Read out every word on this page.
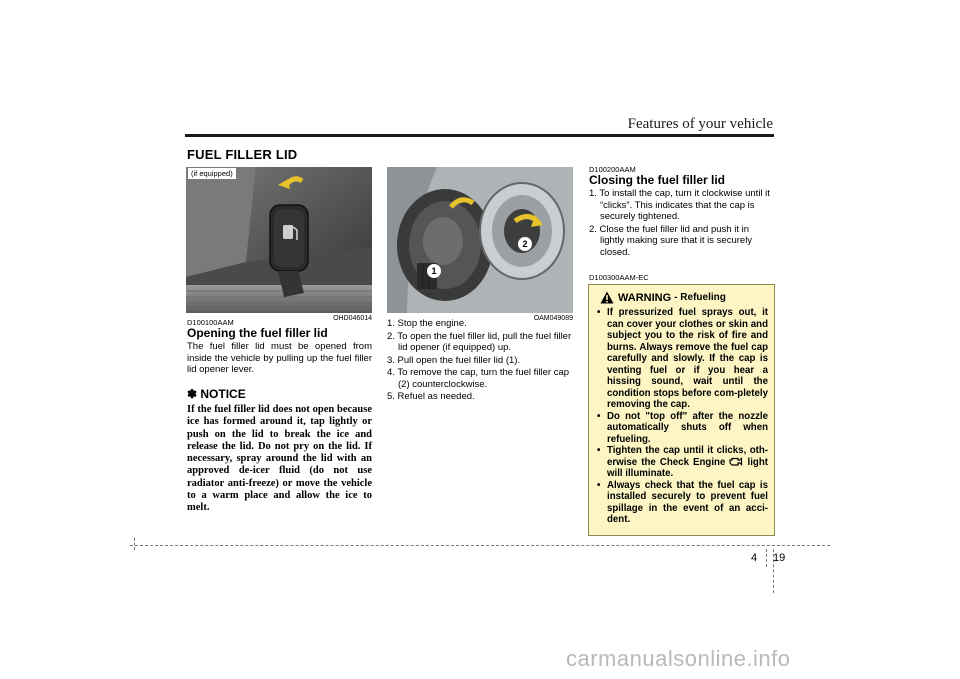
Features of your vehicle
FUEL FILLER LID
(if equipped)
OHD046014
1
2
OAM049089
D100100AAM
Opening the fuel filler lid
The fuel filler lid must be opened from inside the vehicle by pulling up the fuel filler lid opener lever.
✽ NOTICE
If the fuel filler lid does not open because ice has formed around it, tap lightly or push on the lid to break the ice and release the lid. Do not pry on the lid. If necessary, spray around the lid with an approved de-icer fluid (do not use radiator anti-freeze) or move the vehicle to a warm place and allow the ice to melt.
1. Stop the engine.
2. To open the fuel filler lid, pull the fuel filler lid opener (if equipped) up.
3. Pull open the fuel filler lid (1).
4. To remove the cap, turn the fuel filler cap (2) counterclockwise.
5. Refuel as needed.
D100200AAM
Closing the fuel filler lid
1. To install the cap, turn it clockwise until it “clicks”. This indicates that the cap is securely tightened.
2. Close the fuel filler lid and push it in lightly making sure that it is securely closed.
D100300AAM-EC
WARNING - Refueling
• If pressurized fuel sprays out, it can cover your clothes or skin and subject you to the risk of fire and burns. Always remove the fuel cap carefully and slowly. If the cap is venting fuel or if you hear a hissing sound, wait until the condition stops before com-pletely removing the cap.
• Do not "top off" after the nozzle automatically shuts off when refueling.
• Tighten the cap until it clicks, oth-erwise the Check Engine light will illuminate.
• Always check that the fuel cap is installed securely to prevent fuel spillage in the event of an acci-dent.
4 19
carmanualsonline.info
